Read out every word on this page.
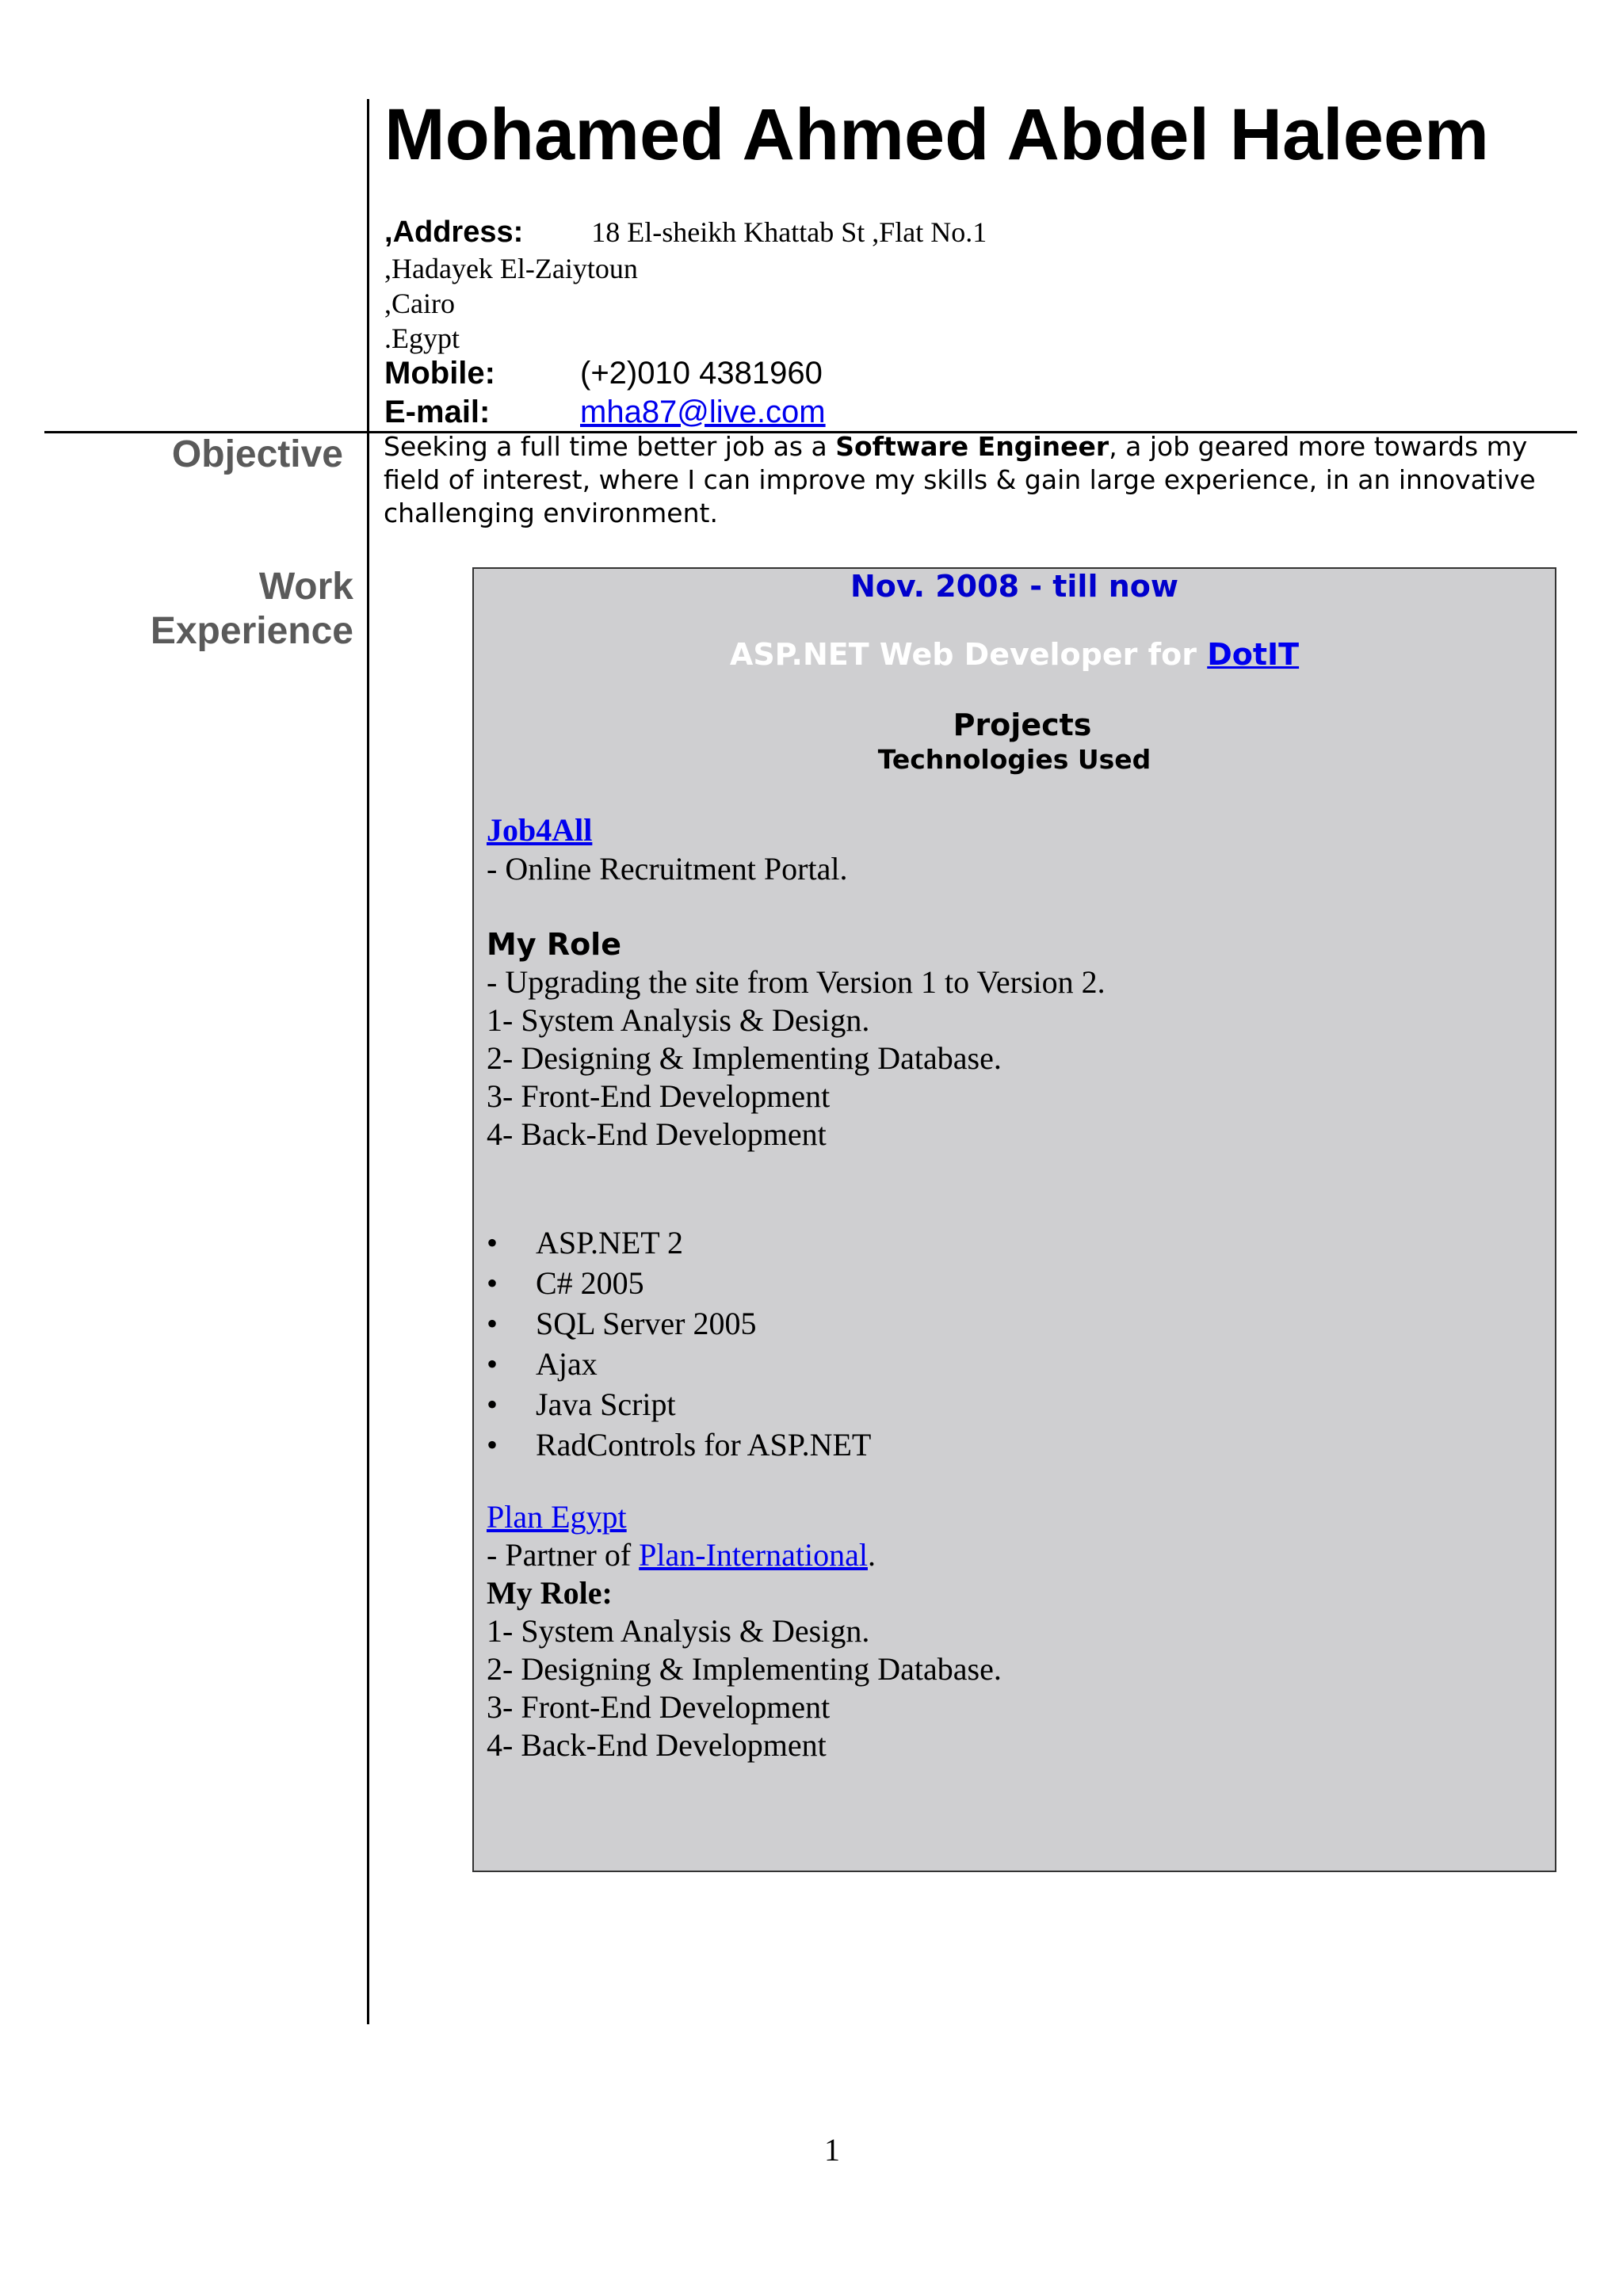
Mohamed Ahmed Abdel Haleem
,Address: 18 El-sheikh Khattab St ,Flat No.1
,Hadayek El-Zaiytoun
,Cairo
.Egypt
Mobile:	(+2)010 4381960
E-mail:	mha87@live.com
Objective Seeking a full time better job as a Software Engineer, a job geared more towards my field of interest, where I can improve my skills & gain large experience, in an innovative challenging environment.
Work
Experience
Nov. 2008 - till now
ASP.NET Web Developer for DotIT
Projects
Technologies Used
Job4All
- Online Recruitment Portal.
My Role
- Upgrading the site from Version 1 to Version 2.
1- System Analysis & Design.
2- Designing & Implementing Database.
3- Front-End Development
4- Back-End Development
• ASP.NET 2
• C# 2005
• SQL Server 2005
• Ajax
• Java Script
• RadControls for ASP.NET
Plan Egypt
- Partner of Plan-International.
My Role:
1- System Analysis & Design.
2- Designing & Implementing Database.
3- Front-End Development
4- Back-End Development
1
